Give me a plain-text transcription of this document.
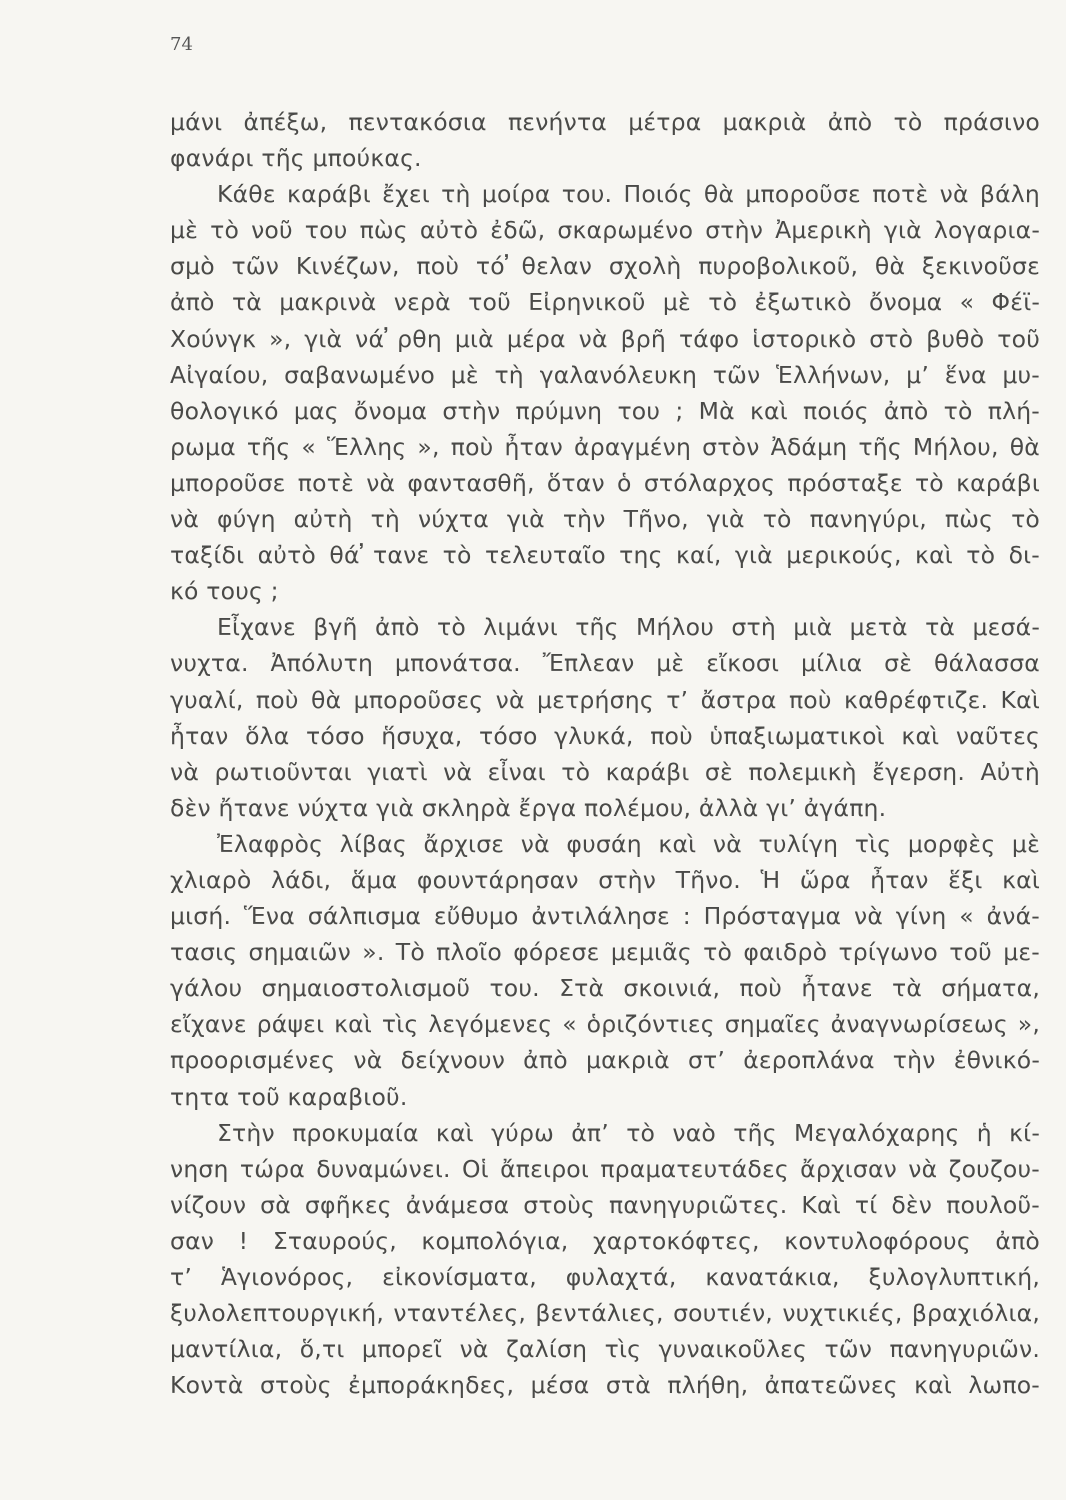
74
μάνι ἀπέξω, πεντακόσια πενήντα μέτρα μακριὰ ἀπὸ τὸ πράσινο
φανάρι τῆς μπούκας.
Κάθε καράβι ἔχει τὴ μοίρα του. Ποιός θὰ μποροῦσε ποτὲ νὰ βάλη
μὲ τὸ νοῦ του πὼς αὐτὸ ἐδῶ, σκαρωμένο στὴν Ἀμερικὴ γιὰ λογαρια-
σμὸ τῶν Κινέζων, ποὺ τό ̓θελαν σχολὴ πυροβολικοῦ, θὰ ξεκινοῦσε
ἀπὸ τὰ μακρινὰ νερὰ τοῦ Εἰρηνικοῦ μὲ τὸ ἐξωτικὸ ὄνομα « Φέϊ-
Χούνγκ », γιὰ νά ̓ρθη μιὰ μέρα νὰ βρῆ τάφο ἱστορικὸ στὸ βυθὸ τοῦ
Αἰγαίου, σαβανωμένο μὲ τὴ γαλανόλευκη τῶν Ἑλλήνων, μ’ ἕνα μυ-
θολογικό μας ὄνομα στὴν πρύμνη του ; Μὰ καὶ ποιός ἀπὸ τὸ πλή-
ρωμα τῆς « Ἕλλης », ποὺ ἦταν ἀραγμένη στὸν Ἀδάμη τῆς Μήλου, θὰ
μποροῦσε ποτὲ νὰ φαντασθῆ, ὅταν ὁ στόλαρχος πρόσταξε τὸ καράβι
νὰ φύγη αὐτὴ τὴ νύχτα γιὰ τὴν Τῆνο, γιὰ τὸ πανηγύρι, πὼς τὸ
ταξίδι αὐτὸ θά ̓τανε τὸ τελευταῖο της καί, γιὰ μερικούς, καὶ τὸ δι-
κό τους ;
Εἶχανε βγῆ ἀπὸ τὸ λιμάνι τῆς Μήλου στὴ μιὰ μετὰ τὰ μεσά-
νυχτα. Ἀπόλυτη μπονάτσα. Ἔπλεαν μὲ εἴκοσι μίλια σὲ θάλασσα
γυαλί, ποὺ θὰ μποροῦσες νὰ μετρήσης τ’ ἄστρα ποὺ καθρέφτιζε. Καὶ
ἦταν ὅλα τόσο ἥσυχα, τόσο γλυκά, ποὺ ὑπαξιωματικοὶ καὶ ναῦτες
νὰ ρωτιοῦνται γιατὶ νὰ εἶναι τὸ καράβι σὲ πολεμικὴ ἔγερση. Αὐτὴ
δὲν ἤτανε νύχτα γιὰ σκληρὰ ἔργα πολέμου, ἀλλὰ γι’ ἀγάπη.
Ἐλαφρὸς λίβας ἄρχισε νὰ φυσάη καὶ νὰ τυλίγη τὶς μορφὲς μὲ
χλιαρὸ λάδι, ἅμα φουντάρησαν στὴν Τῆνο. Ἡ ὥρα ἦταν ἕξι καὶ
μισή. Ἕνα σάλπισμα εὔθυμο ἀντιλάλησε : Πρόσταγμα νὰ γίνη « ἀνά-
τασις σημαιῶν ». Τὸ πλοῖο φόρεσε μεμιᾶς τὸ φαιδρὸ τρίγωνο τοῦ με-
γάλου σημαιοστολισμοῦ του. Στὰ σκοινιά, ποὺ ἦτανε τὰ σήματα,
εἴχανε ράψει καὶ τὶς λεγόμενες « ὁριζόντιες σημαῖες ἀναγνωρίσεως »,
προορισμένες νὰ δείχνουν ἀπὸ μακριὰ στ’ ἀεροπλάνα τὴν ἐθνικό-
τητα τοῦ καραβιοῦ.
Στὴν προκυμαία καὶ γύρω ἀπ’ τὸ ναὸ τῆς Μεγαλόχαρης ἡ κί-
νηση τώρα δυναμώνει. Οἱ ἄπειροι πραματευτάδες ἄρχισαν νὰ ζουζου-
νίζουν σὰ σφῆκες ἀνάμεσα στοὺς πανηγυριῶτες. Καὶ τί δὲν πουλοῦ-
σαν ! Σταυρούς, κομπολόγια, χαρτοκόφτες, κοντυλοφόρους ἀπὸ
τ’ Ἁγιονόρος, εἰκονίσματα, φυλαχτά, κανατάκια, ξυλογλυπτική,
ξυλολεπτουργική, νταντέλες, βεντάλιες, σουτιέν, νυχτικιές, βραχιόλια,
μαντίλια, ὅ,τι μπορεῖ νὰ ζαλίση τὶς γυναικοῦλες τῶν πανηγυριῶν.
Κοντὰ στοὺς ἐμποράκηδες, μέσα στὰ πλήθη, ἀπατεῶνες καὶ λωπο-
